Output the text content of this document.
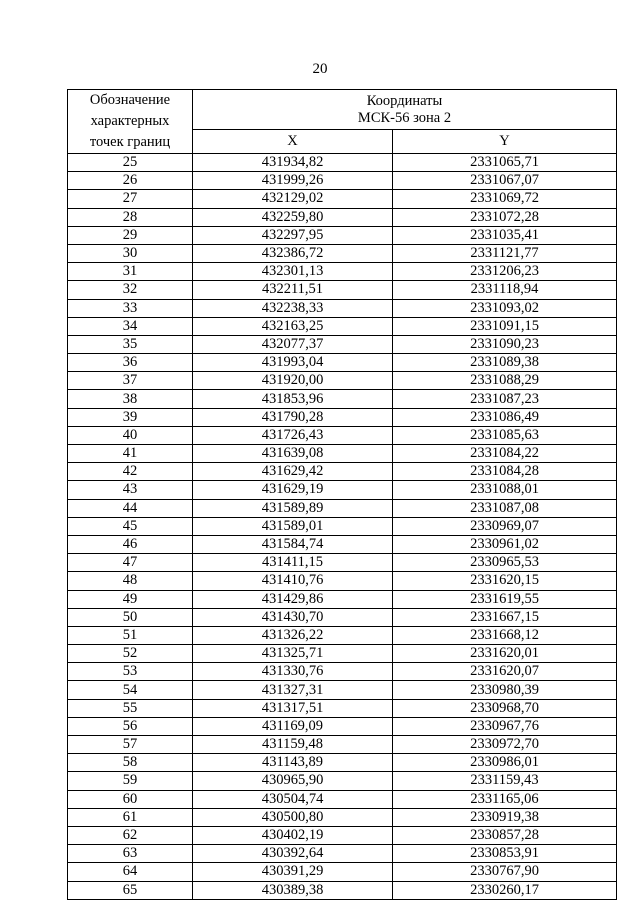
20
Обозначение
характерных
точек границ	Координаты
МСК-56 зона 2	

	X	Y
25	431934,82	2331065,71
26	431999,26	2331067,07
27	432129,02	2331069,72
28	432259,80	2331072,28
29	432297,95	2331035,41
30	432386,72	2331121,77
31	432301,13	2331206,23
32	432211,51	2331118,94
33	432238,33	2331093,02
34	432163,25	2331091,15
35	432077,37	2331090,23
36	431993,04	2331089,38
37	431920,00	2331088,29
38	431853,96	2331087,23
39	431790,28	2331086,49
40	431726,43	2331085,63
41	431639,08	2331084,22
42	431629,42	2331084,28
43	431629,19	2331088,01
44	431589,89	2331087,08
45	431589,01	2330969,07
46	431584,74	2330961,02
47	431411,15	2330965,53
48	431410,76	2331620,15
49	431429,86	2331619,55
50	431430,70	2331667,15
51	431326,22	2331668,12
52	431325,71	2331620,01
53	431330,76	2331620,07
54	431327,31	2330980,39
55	431317,51	2330968,70
56	431169,09	2330967,76
57	431159,48	2330972,70
58	431143,89	2330986,01
59	430965,90	2331159,43
60	430504,74	2331165,06
61	430500,80	2330919,38
62	430402,19	2330857,28
63	430392,64	2330853,91
64	430391,29	2330767,90
65	430389,38	2330260,17
